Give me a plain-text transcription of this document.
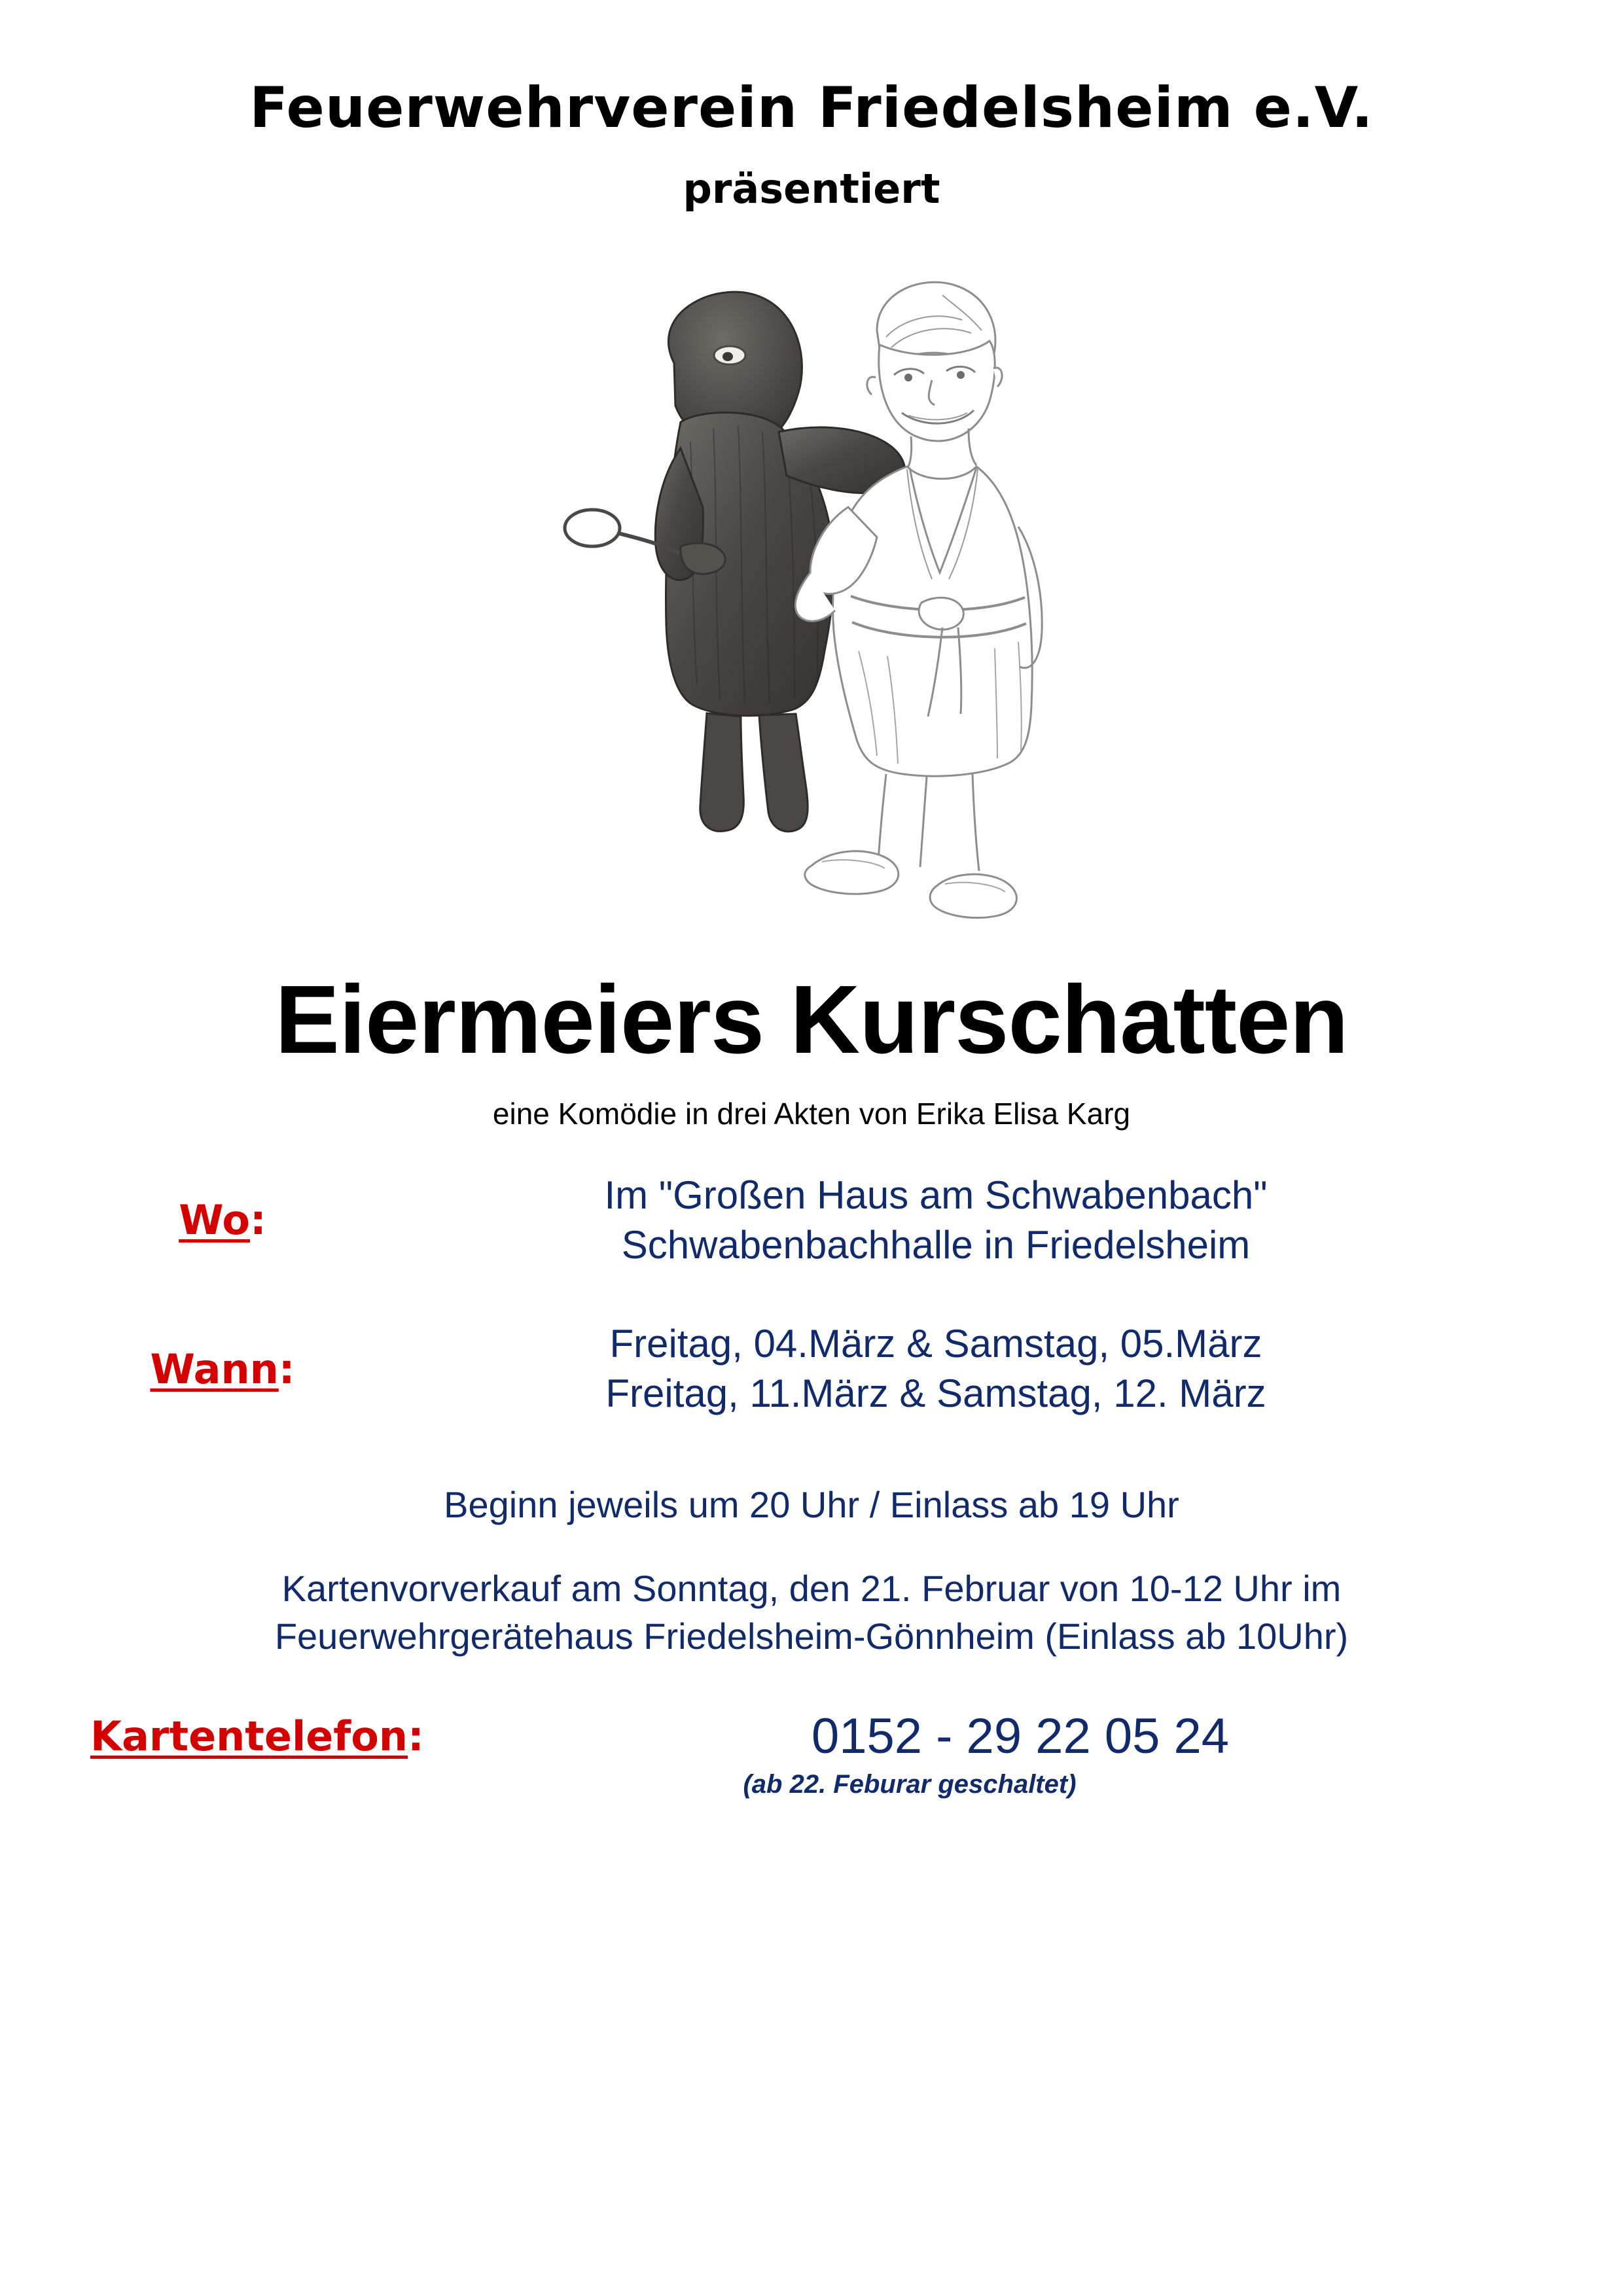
Feuerwehrverein Friedelsheim e.V.
präsentiert
Eiermeiers Kurschatten
eine Komödie in drei Akten von Erika Elisa Karg
Wo:
Im "Großen Haus am Schwabenbach"
Schwabenbachhalle in Friedelsheim
Wann:
Freitag, 04.März & Samstag, 05.März
Freitag, 11.März & Samstag, 12. März
Beginn jeweils um 20 Uhr / Einlass ab 19 Uhr
Kartenvorverkauf am Sonntag, den 21. Februar von 10-12 Uhr im
Feuerwehrgerätehaus Friedelsheim-Gönnheim (Einlass ab 10Uhr)
Kartentelefon:	0152 - 29 22 05 24
(ab 22. Feburar geschaltet)
